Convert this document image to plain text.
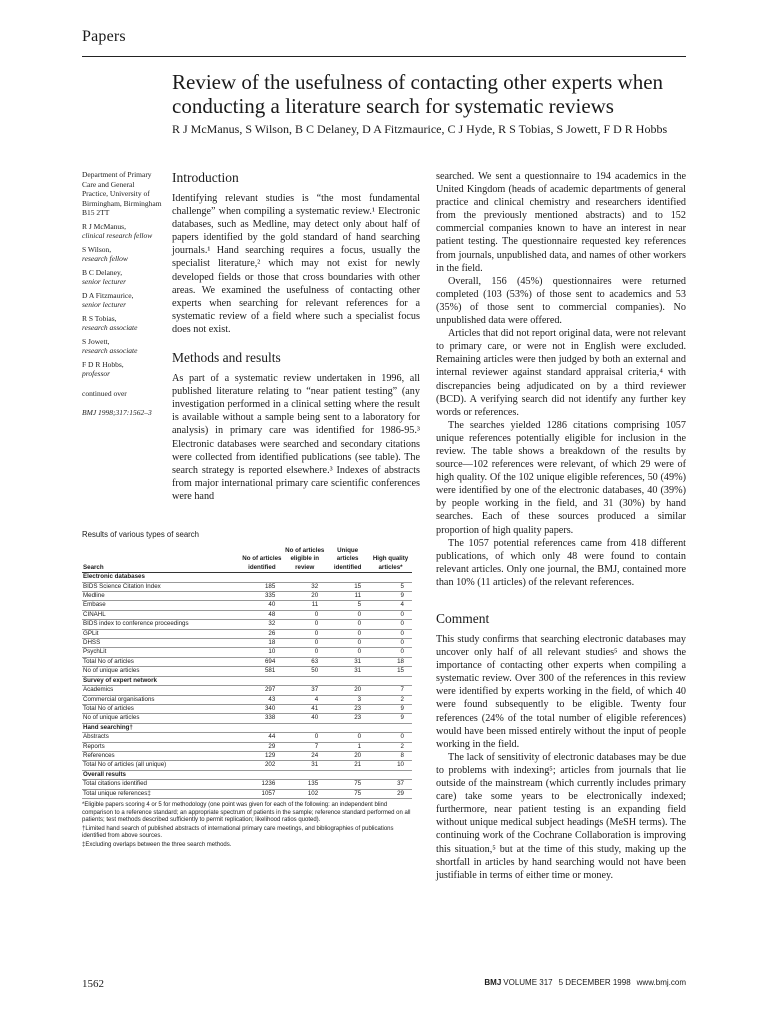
Papers
Review of the usefulness of contacting other experts when conducting a literature search for systematic reviews
R J McManus, S Wilson, B C Delaney, D A Fitzmaurice, C J Hyde, R S Tobias, S Jowett, F D R Hobbs
Department of Primary Care and General Practice, University of Birmingham, Birmingham B15 2TT
R J McManus,
clinical research fellow
S Wilson,
research fellow
B C Delaney,
senior lecturer
D A Fitzmaurice,
senior lecturer
R S Tobias,
research associate
S Jowett,
research associate
F D R Hobbs,
professor
continued over
BMJ 1998;317:1562–3
Introduction

Identifying relevant studies is “the most fundamental challenge” when compiling a systematic review.¹ Electronic databases, such as Medline, may detect only about half of papers identified by the gold standard of hand searching journals.¹ Hand searching requires a focus, usually the specialist literature,² which may not exist for newly developed fields or those that cross boundaries with other areas. We examined the usefulness of contacting other experts when searching for relevant references for a systematic review of a field where such a specialist focus does not exist.

Methods and results

As part of a systematic review undertaken in 1996, all published literature relating to “near patient testing” (any investigation performed in a clinical setting where the result is available without a sample being sent to a laboratory for analysis) in primary care was identified for 1986-95.³ Electronic databases were searched and secondary citations were collected from identified publications (see table). The search strategy is reported elsewhere.³ Indexes of abstracts from major international primary care scientific conferences were hand

searched. We sent a questionnaire to 194 academics in the United Kingdom (heads of academic departments of general practice and clinical chemistry and researchers identified from the previously mentioned abstracts) and to 152 commercial companies known to have an interest in near patient testing. The questionnaire requested key references from journals, unpublished data, and names of other workers in the field.

Overall, 156 (45%) questionnaires were returned completed (103 (53%) of those sent to academics and 53 (35%) of those sent to commercial companies). No unpublished data were offered.

Articles that did not report original data, were not relevant to primary care, or were not in English were excluded. Remaining articles were then judged by both an external and internal reviewer against standard appraisal criteria,⁴ with discrepancies being adjudicated on by a third reviewer (BCD). A verifying search did not identify any further key words or references.

The searches yielded 1286 citations comprising 1057 unique references potentially eligible for inclusion in the review. The table shows a breakdown of the results by source—102 references were relevant, of which 29 were of high quality. Of the 102 unique eligible references, 50 (49%) were identified by one of the electronic databases, 40 (39%) by people working in the field, and 31 (30%) by hand searches. Each of these sources produced a similar proportion of high quality papers.

The 1057 potential references came from 418 different publications, of which only 48 were found to contain relevant articles. Only one journal, the BMJ, contained more than 10% (11 articles) of the relevant references.

Comment

This study confirms that searching electronic databases may uncover only half of all relevant studies⁵ and shows the importance of contacting other experts when compiling a systematic review. Over 300 of the references in this review were identified by experts working in the field, of which 40 were found subsequently to be eligible. Twenty four references (24% of the total number of eligible references) would have been missed entirely without the input of people working in the field.

The lack of sensitivity of electronic databases may be due to problems with indexing⁵; articles from journals that lie outside of the mainstream (which currently includes primary care) take some years to be electronically indexed; furthermore, near patient testing is an expanding field without unique medical subject headings (MeSH terms). The continuing work of the Cochrane Collaboration is improving this situation,⁵ but at the time of this study, making up the shortfall in articles by hand searching would not have been justifiable in terms of either time or money.

Results of various types of search
Search	No of articles identified	No of articles eligible in review	Unique articles identified	High quality articles*
Electronic databases				
BIDS Science Citation Index	185	32	15	5
Medline	335	20	11	9
Embase	40	11	5	4
CINAHL	48	0	0	0
BIDS index to conference proceedings	32	0	0	0
GPLit	26	0	0	0
DHSS	18	0	0	0
PsychLit	10	0	0	0
Total No of articles	694	63	31	18
No of unique articles	581	50	31	15
Survey of expert network				
Academics	297	37	20	7
Commercial organisations	43	4	3	2
Total No of articles	340	41	23	9
No of unique articles	338	40	23	9
Hand searching†				
Abstracts	44	0	0	0
Reports	29	7	1	2
References	129	24	20	8
Total No of articles (all unique)	202	31	21	10
Overall results				
Total citations identified	1236	135	75	37
Total unique references‡	1057	102	75	29

*Eligible papers scoring 4 or 5 for methodology (one point was given for each of the following: an independent blind comparison to a reference standard; an appropriate spectrum of patients in the sample; reference standard performed on all patients; test methods described sufficiently to permit replication; likelihood ratios quoted).

†Limited hand search of published abstracts of international primary care meetings, and bibliographies of publications identified from above sources.

‡Excluding overlaps between the three search methods.

1562	BMJ VOLUME 317 5 DECEMBER 1998 www.bmj.com
